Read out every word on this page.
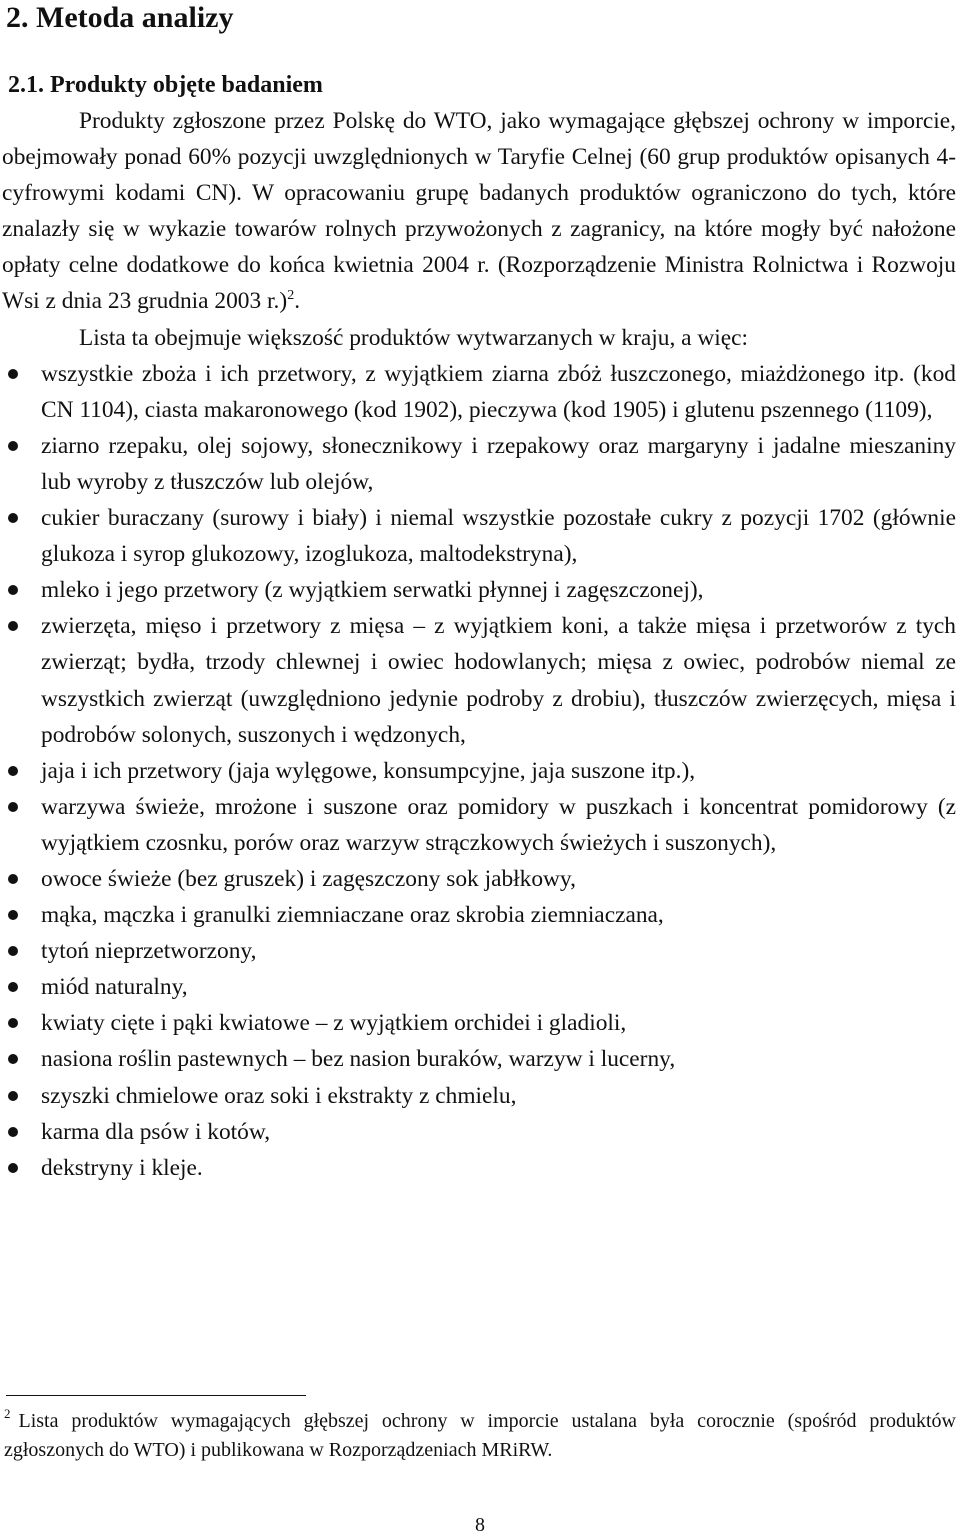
2. Metoda analizy
2.1. Produkty objęte badaniem

Produkty zgłoszone przez Polskę do WTO, jako wymagające głębszej ochrony w imporcie, obejmowały ponad 60% pozycji uwzględnionych w Taryfie Celnej (60 grup produktów opisanych 4-cyfrowymi kodami CN). W opracowaniu grupę badanych produktów ograniczono do tych, które znalazły się w wykazie towarów rolnych przywożonych z zagranicy, na które mogły być nałożone opłaty celne dodatkowe do końca kwietnia 2004 r. (Rozporządzenie Ministra Rolnictwa i Rozwoju Wsi z dnia 23 grudnia 2003 r.)$^2$.

Lista ta obejmuje większość produktów wytwarzanych w kraju, a więc:

wszystkie zboża i ich przetwory, z wyjątkiem ziarna zbóż łuszczonego, miażdżonego itp. (kod CN 1104), ciasta makaronowego (kod 1902), pieczywa (kod 1905) i glutenu pszennego (1109),
ziarno rzepaku, olej sojowy, słonecznikowy i rzepakowy oraz margaryny i jadalne mieszaniny lub wyroby z tłuszczów lub olejów,
cukier buraczany (surowy i biały) i niemal wszystkie pozostałe cukry z pozycji 1702 (głównie glukoza i syrop glukozowy, izoglukoza, maltodekstryna),
mleko i jego przetwory (z wyjątkiem serwatki płynnej i zagęszczonej),
zwierzęta, mięso i przetwory z mięsa – z wyjątkiem koni, a także mięsa i przetworów z tych zwierząt; bydła, trzody chlewnej i owiec hodowlanych; mięsa z owiec, podrobów niemal ze wszystkich zwierząt (uwzględniono jedynie podroby z drobiu), tłuszczów zwierzęcych, mięsa i podrobów solonych, suszonych i wędzonych,
jaja i ich przetwory (jaja wylęgowe, konsumpcyjne, jaja suszone itp.),
warzywa świeże, mrożone i suszone oraz pomidory w puszkach i koncentrat pomidorowy (z wyjątkiem czosnku, porów oraz warzyw strączkowych świeżych i suszonych),
owoce świeże (bez gruszek) i zagęszczony sok jabłkowy,
mąka, mączka i granulki ziemniaczane oraz skrobia ziemniaczana,
tytoń nieprzetworzony,
miód naturalny,
kwiaty cięte i pąki kwiatowe – z wyjątkiem orchidei i gladioli,
nasiona roślin pastewnych – bez nasion buraków, warzyw i lucerny,
szyszki chmielowe oraz soki i ekstrakty z chmielu,
karma dla psów i kotów,
dekstryny i kleje.

$^2$ Lista produktów wymagających głębszej ochrony w imporcie ustalana była corocznie (spośród produktów zgłoszonych do WTO) i publikowana w Rozporządzeniach MRiRW.

8
